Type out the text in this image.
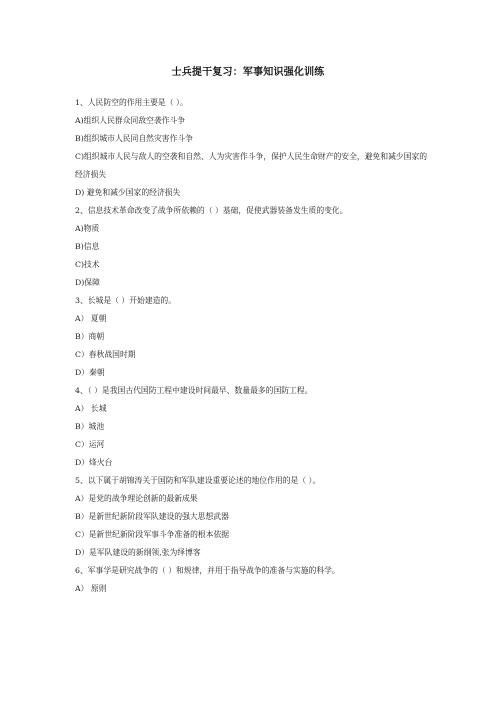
士兵提干复习：军事知识强化训练
1、人民防空的作用主要是（ ）。
A)组织人民群众同敌空袭作斗争
B)组织城市人民同自然灾害作斗争
C)组织城市人民与敌人的空袭和自然、人为灾害作斗争，保护人民生命财产的安全，避免和减少国家的经济损失
D) 避免和减少国家的经济损失
2、信息技术革命改变了战争所依赖的（ ）基础，促使武器装备发生质的变化。
A)物质
B)信息
C)技术
D)保障
3、长城是（ ）开始建造的。
A） 夏朝
B）商朝
C）春秋战国时期
D）秦朝
4、（ ）是我国古代国防工程中建设时间最早、数量最多的国防工程。
A） 长城
B）城池
C）运河
D）烽火台
5、以下属于胡锦涛关于国防和军队建设重要论述的地位作用的是（ ）。
A）是党的战争理论创新的最新成果
B）是新世纪新阶段军队建设的强大思想武器
C）是新世纪新阶段军事斗争准备的根本依据
D）是军队建设的新纲领,张为绎博客
6、军事学是研究战争的（ ）和规律，并用于指导战争的准备与实施的科学。
A） 原则
